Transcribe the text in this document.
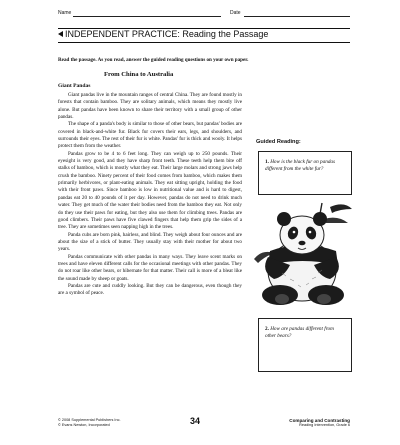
Name	Date
INDEPENDENT PRACTICE: Reading the Passage
Read the passage. As you read, answer the guided reading questions on your own paper.
From China to Australia
Giant Pandas

Giant pandas live in the mountain ranges of central China. They are found mostly in forests that contain bamboo. They are solitary animals, which means they mostly live alone. But pandas have been known to share their territory with a small group of other pandas.

The shape of a panda's body is similar to those of other bears, but pandas' bodies are covered in black-and-white fur. Black fur covers their ears, legs, and shoulders, and surrounds their eyes. The rest of their fur is white. Pandas' fur is thick and wooly. It helps protect them from the weather.

Pandas grow to be 4 to 6 feet long. They can weigh up to 250 pounds. Their eyesight is very good, and they have sharp front teeth. These teeth help them bite off stalks of bamboo, which is mostly what they eat. Their large molars and strong jaws help crush the bamboo. Ninety percent of their food comes from bamboo, which makes them primarily herbivores, or plant-eating animals. They eat sitting upright, holding the food with their front paws. Since bamboo is low in nutritional value and is hard to digest, pandas eat 20 to 40 pounds of it per day. However, pandas do not need to drink much water. They get much of the water their bodies need from the bamboo they eat. Not only do they use their paws for eating, but they also use them for climbing trees. Pandas are good climbers. Their paws have five clawed fingers that help them grip the sides of a tree. They are sometimes seen napping high in the trees.

Panda cubs are born pink, hairless, and blind. They weigh about four ounces and are about the size of a stick of butter. They usually stay with their mother for about two years.

Pandas communicate with other pandas in many ways. They leave scent marks on trees and have eleven different calls for the occasional meetings with other pandas. They do not roar like other bears, or hibernate for that matter. Their call is more of a bleat like the sound made by sheep or goats.

Pandas are cute and cuddly looking. But they can be dangerous, even though they are a symbol of peace.

Guided Reading:
1. How is the black fur on pandas different from the white fur?
2. How are pandas different from other bears?
© 2008 Supplemental Publishers Inc.
© Evans Newton, Incorporated	34	Comparing and Contrasting
Reading Intervention, Grade 6
